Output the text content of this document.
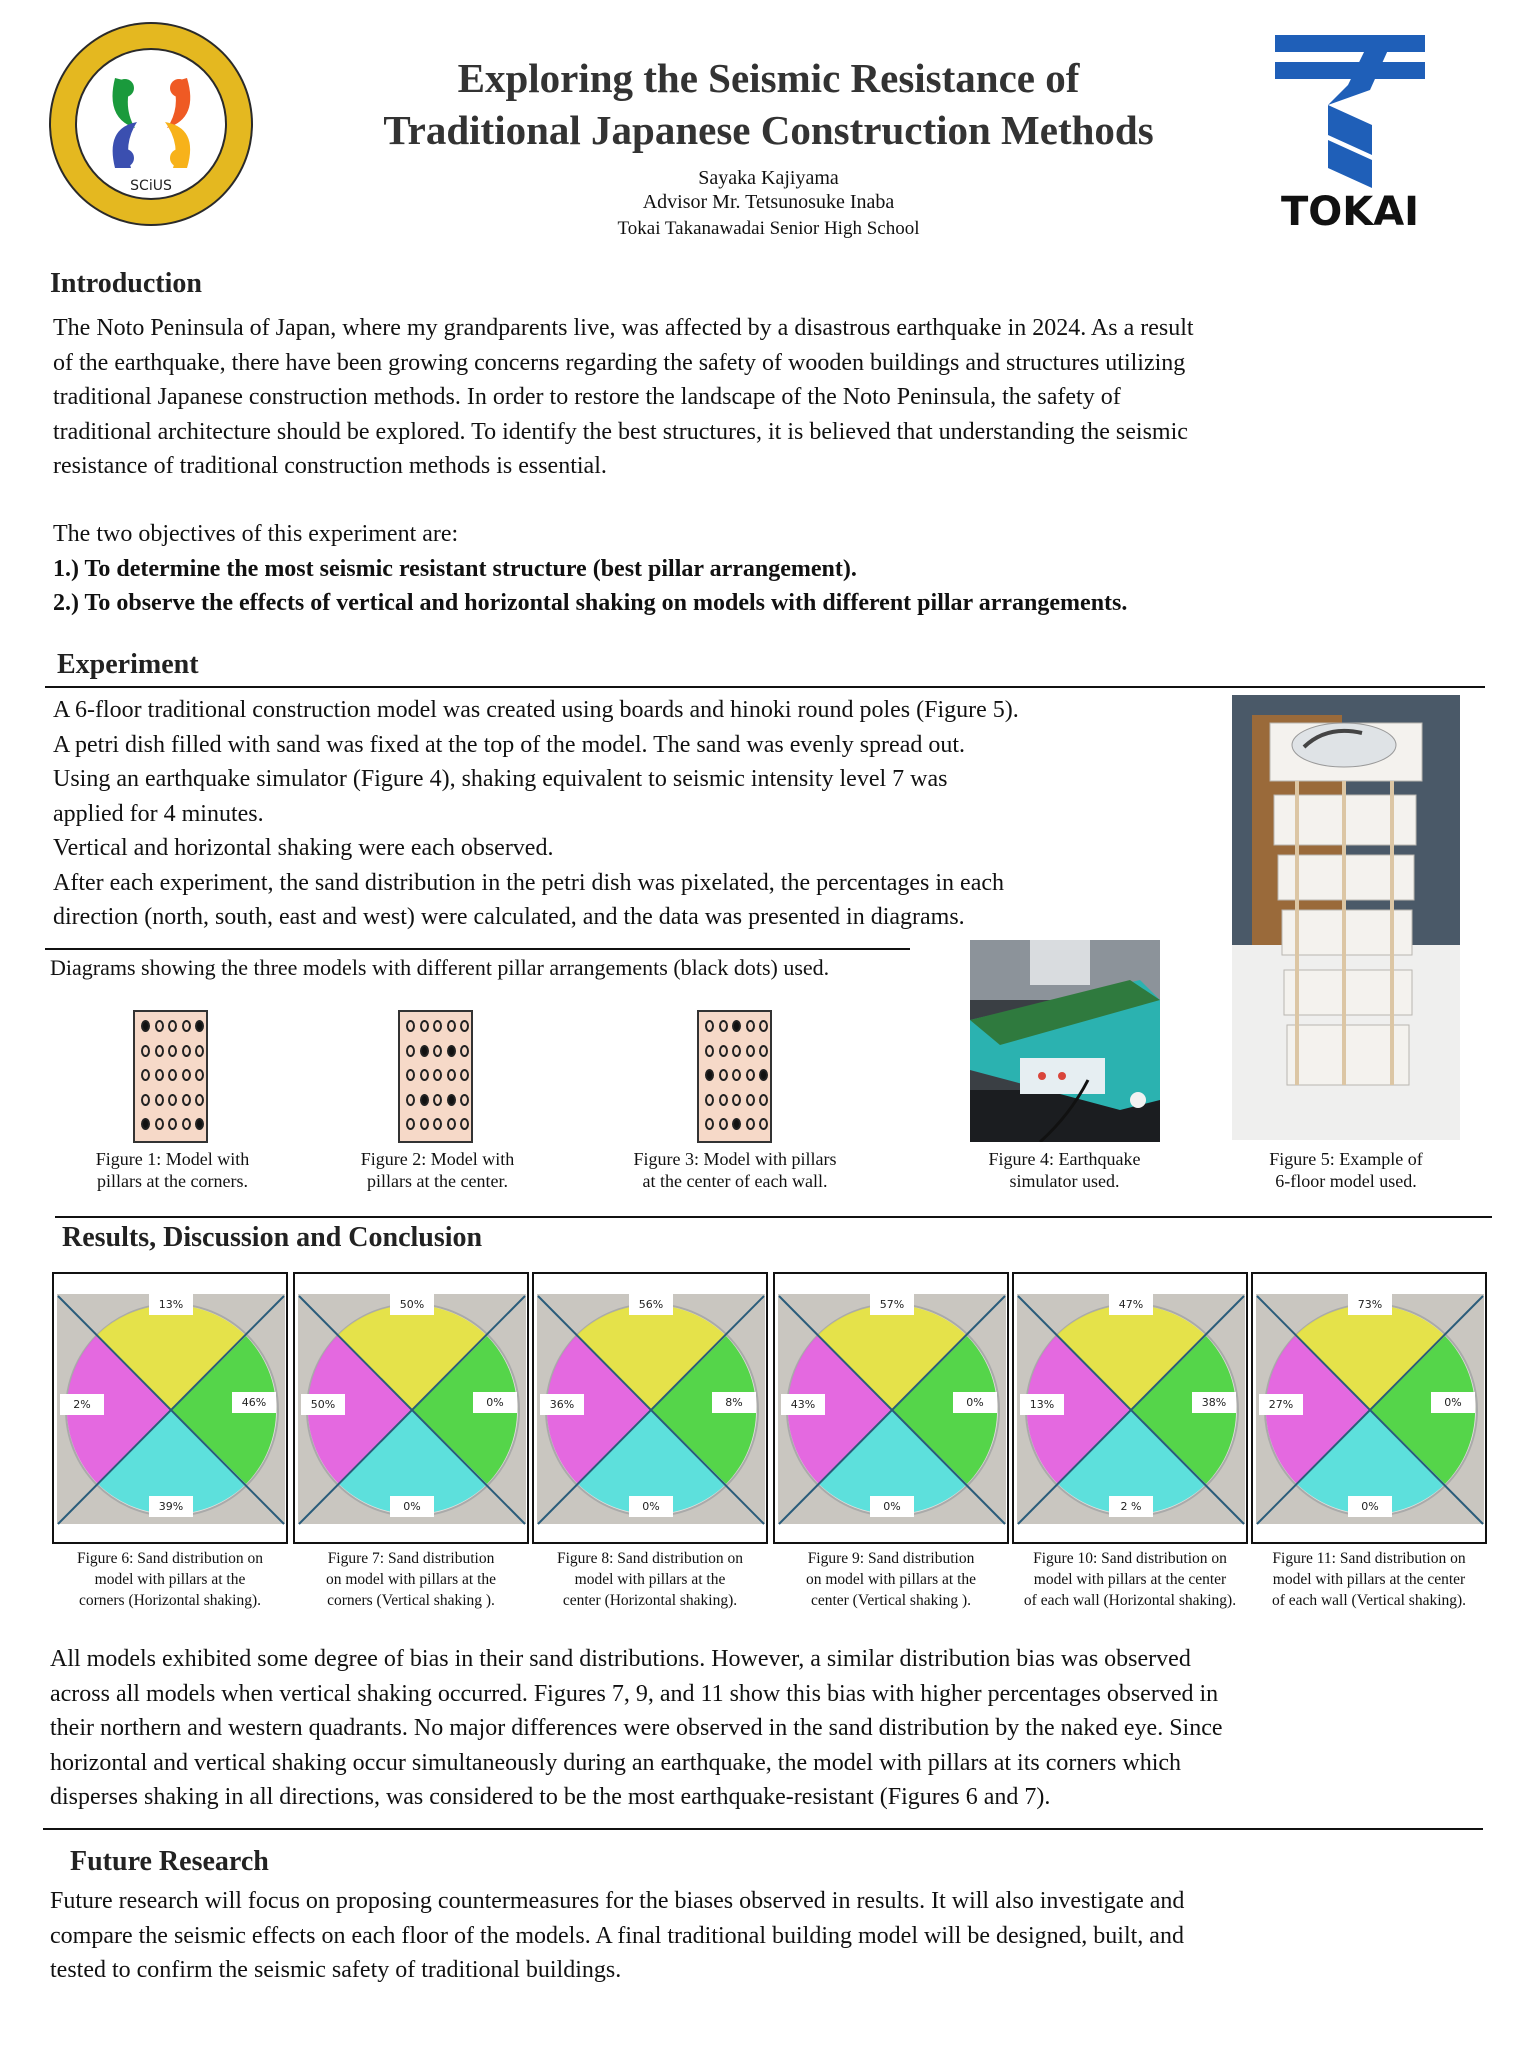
SCiUS
Exploring the Seismic Resistance of
Traditional Japanese Construction Methods
Sayaka Kajiyama
Advisor Mr. Tetsunosuke Inaba
Tokai Takanawadai Senior High School	TOKAI
Introduction
The Noto Peninsula of Japan, where my grandparents live, was affected by a disastrous earthquake in 2024. As a result
of the earthquake, there have been growing concerns regarding the safety of wooden buildings and structures utilizing
traditional Japanese construction methods. In order to restore the landscape of the Noto Peninsula, the safety of
traditional architecture should be explored. To identify the best structures, it is believed that understanding the seismic
resistance of traditional construction methods is essential.
The two objectives of this experiment are:
1.) To determine the most seismic resistant structure (best pillar arrangement).
2.) To observe the effects of vertical and horizontal shaking on models with different pillar arrangements.
Experiment
A 6-floor traditional construction model was created using boards and hinoki round poles (Figure 5).
A petri dish filled with sand was fixed at the top of the model. The sand was evenly spread out.
Using an earthquake simulator (Figure 4), shaking equivalent to seismic intensity level 7 was
applied for 4 minutes.
Vertical and horizontal shaking were each observed.
After each experiment, the sand distribution in the petri dish was pixelated, the percentages in each
direction (north, south, east and west) were calculated, and the data was presented in diagrams.
Diagrams showing the three models with different pillar arrangements (black dots) used.
Figure 1: Model with
pillars at the corners.
Figure 2: Model with
pillars at the center.
Figure 3: Model with pillars
at the center of each wall.
Figure 4: Earthquake
simulator used.
Figure 5: Example of
6-floor model used.
Results, Discussion and Conclusion
13%
46%
39%
2%
Figure 6: Sand distribution on
model with pillars at the
corners (Horizontal shaking).
50%
0%
0%
50%
Figure 7: Sand distribution
on model with pillars at the
corners (Vertical shaking ).
56%
8%
0%
36%
Figure 8: Sand distribution on
model with pillars at the
center (Horizontal shaking).
57%
0%
0%
43%
Figure 9: Sand distribution
on model with pillars at the
center (Vertical shaking ).
47%
38%
2 %
13%
Figure 10: Sand distribution on
model with pillars at the center
of each wall (Horizontal shaking).
73%
0%
0%
27%
Figure 11: Sand distribution on
model with pillars at the center
of each wall (Vertical shaking).
All models exhibited some degree of bias in their sand distributions. However, a similar distribution bias was observed
across all models when vertical shaking occurred. Figures 7, 9, and 11 show this bias with higher percentages observed in
their northern and western quadrants. No major differences were observed in the sand distribution by the naked eye. Since
horizontal and vertical shaking occur simultaneously during an earthquake, the model with pillars at its corners which
disperses shaking in all directions, was considered to be the most earthquake-resistant (Figures 6 and 7).
Future Research
Future research will focus on proposing countermeasures for the biases observed in results. It will also investigate and
compare the seismic effects on each floor of the models. A final traditional building model will be designed, built, and
tested to confirm the seismic safety of traditional buildings.
